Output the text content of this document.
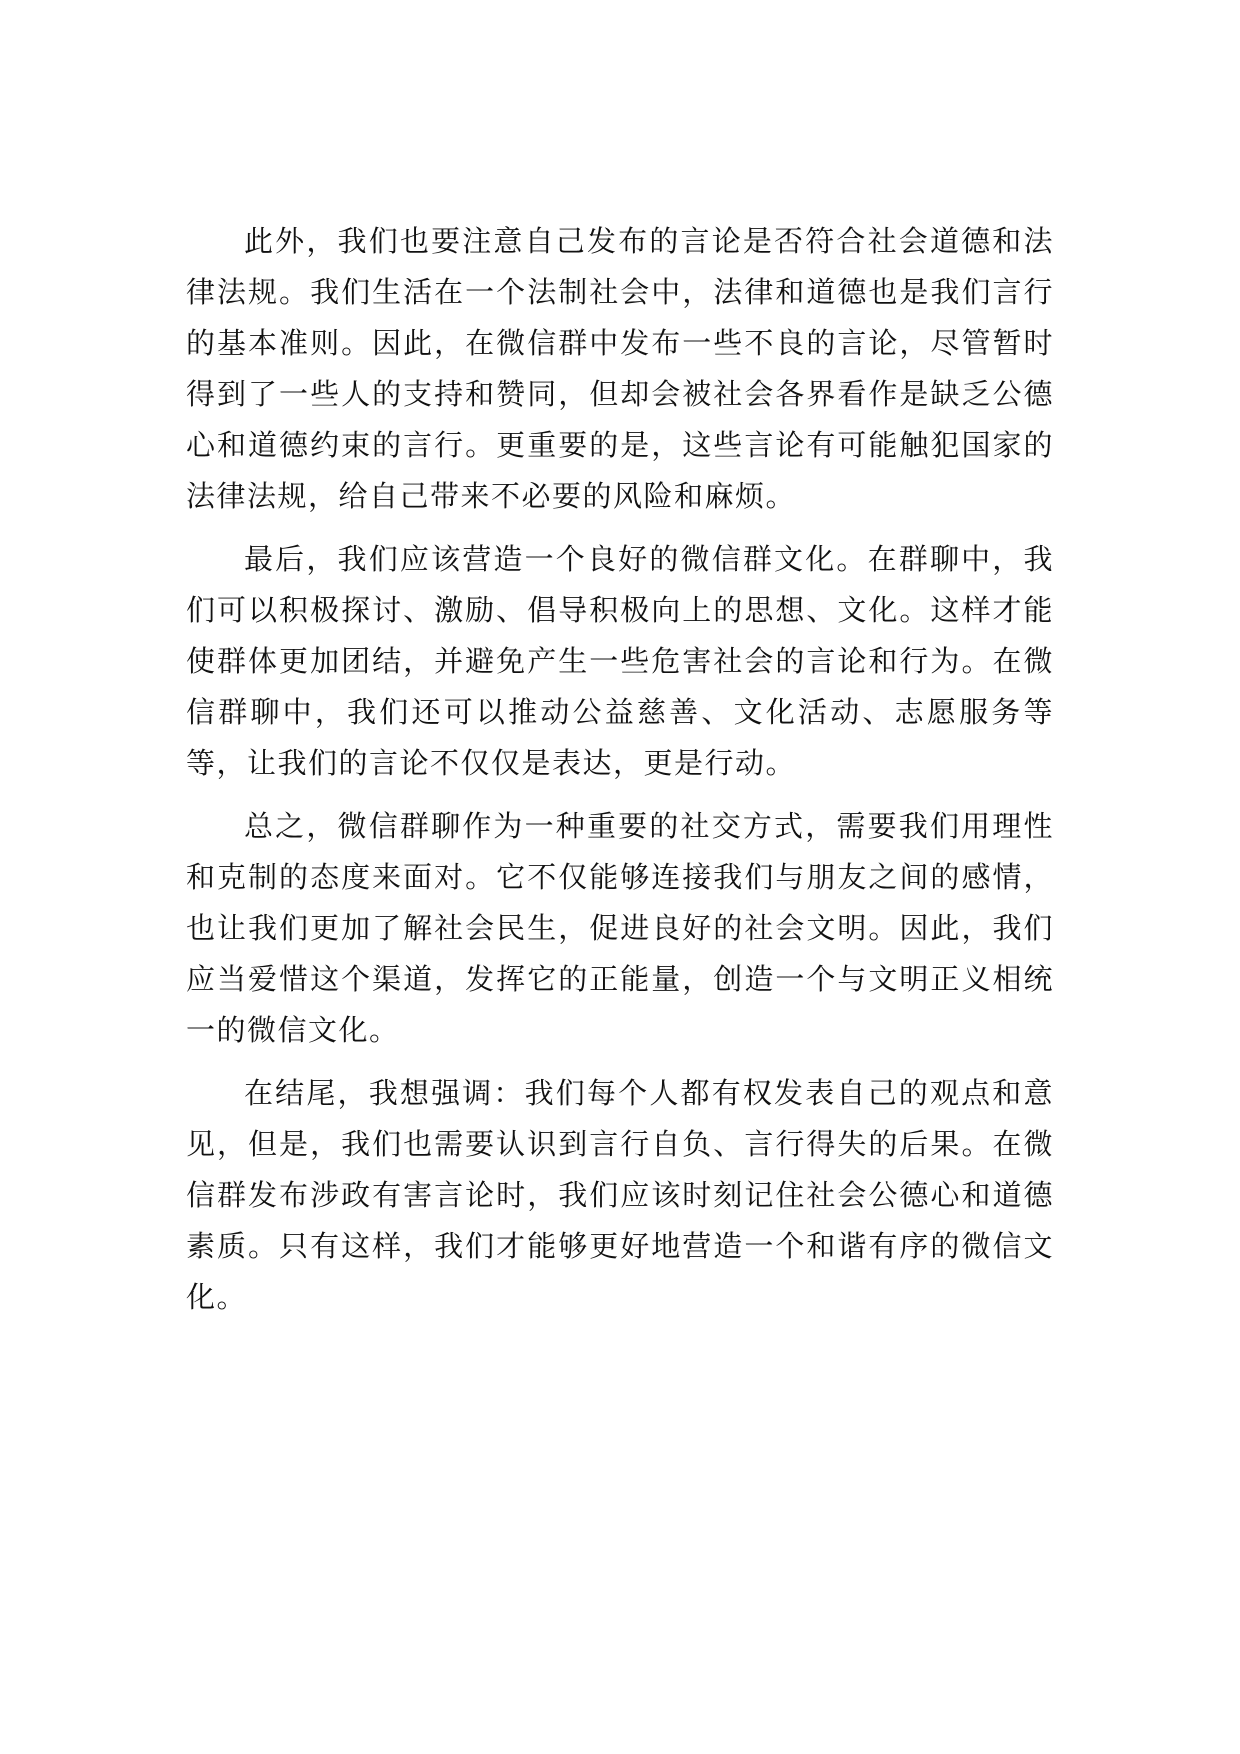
此外，我们也要注意自己发布的言论是否符合社会道德和法律法规。我们生活在一个法制社会中，法律和道德也是我们言行的基本准则。因此，在微信群中发布一些不良的言论，尽管暂时得到了一些人的支持和赞同，但却会被社会各界看作是缺乏公德心和道德约束的言行。更重要的是，这些言论有可能触犯国家的法律法规，给自己带来不必要的风险和麻烦。

最后，我们应该营造一个良好的微信群文化。在群聊中，我们可以积极探讨、激励、倡导积极向上的思想、文化。这样才能使群体更加团结，并避免产生一些危害社会的言论和行为。在微信群聊中，我们还可以推动公益慈善、文化活动、志愿服务等等，让我们的言论不仅仅是表达，更是行动。

总之，微信群聊作为一种重要的社交方式，需要我们用理性和克制的态度来面对。它不仅能够连接我们与朋友之间的感情，也让我们更加了解社会民生，促进良好的社会文明。因此，我们应当爱惜这个渠道，发挥它的正能量，创造一个与文明正义相统一的微信文化。

在结尾，我想强调：我们每个人都有权发表自己的观点和意见，但是，我们也需要认识到言行自负、言行得失的后果。在微信群发布涉政有害言论时，我们应该时刻记住社会公德心和道德素质。只有这样，我们才能够更好地营造一个和谐有序的微信文化。
